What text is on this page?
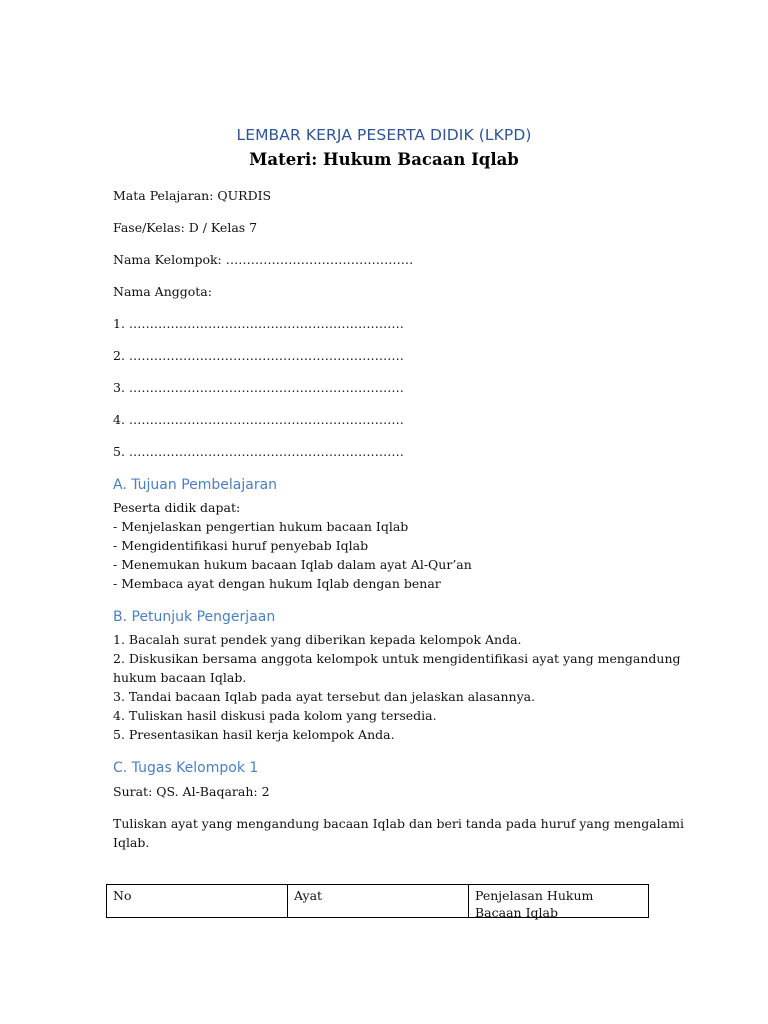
LEMBAR KERJA PESERTA DIDIK (LKPD)
Materi: Hukum Bacaan Iqlab
Mata Pelajaran: QURDIS
Fase/Kelas: D / Kelas 7
Nama Kelompok: ………………………………………
Nama Anggota:
1. …………………………………………………………
2. …………………………………………………………
3. …………………………………………………………
4. …………………………………………………………
5. …………………………………………………………
A. Tujuan Pembelajaran
Peserta didik dapat:
- Menjelaskan pengertian hukum bacaan Iqlab
- Mengidentifikasi huruf penyebab Iqlab
- Menemukan hukum bacaan Iqlab dalam ayat Al-Qur’an
- Membaca ayat dengan hukum Iqlab dengan benar
B. Petunjuk Pengerjaan
1. Bacalah surat pendek yang diberikan kepada kelompok Anda.
2. Diskusikan bersama anggota kelompok untuk mengidentifikasi ayat yang mengandung
hukum bacaan Iqlab.
3. Tandai bacaan Iqlab pada ayat tersebut dan jelaskan alasannya.
4. Tuliskan hasil diskusi pada kolom yang tersedia.
5. Presentasikan hasil kerja kelompok Anda.
C. Tugas Kelompok 1
Surat: QS. Al-Baqarah: 2
Tuliskan ayat yang mengandung bacaan Iqlab dan beri tanda pada huruf yang mengalami
Iqlab.
No	Ayat	Penjelasan Hukum Bacaan Iqlab
